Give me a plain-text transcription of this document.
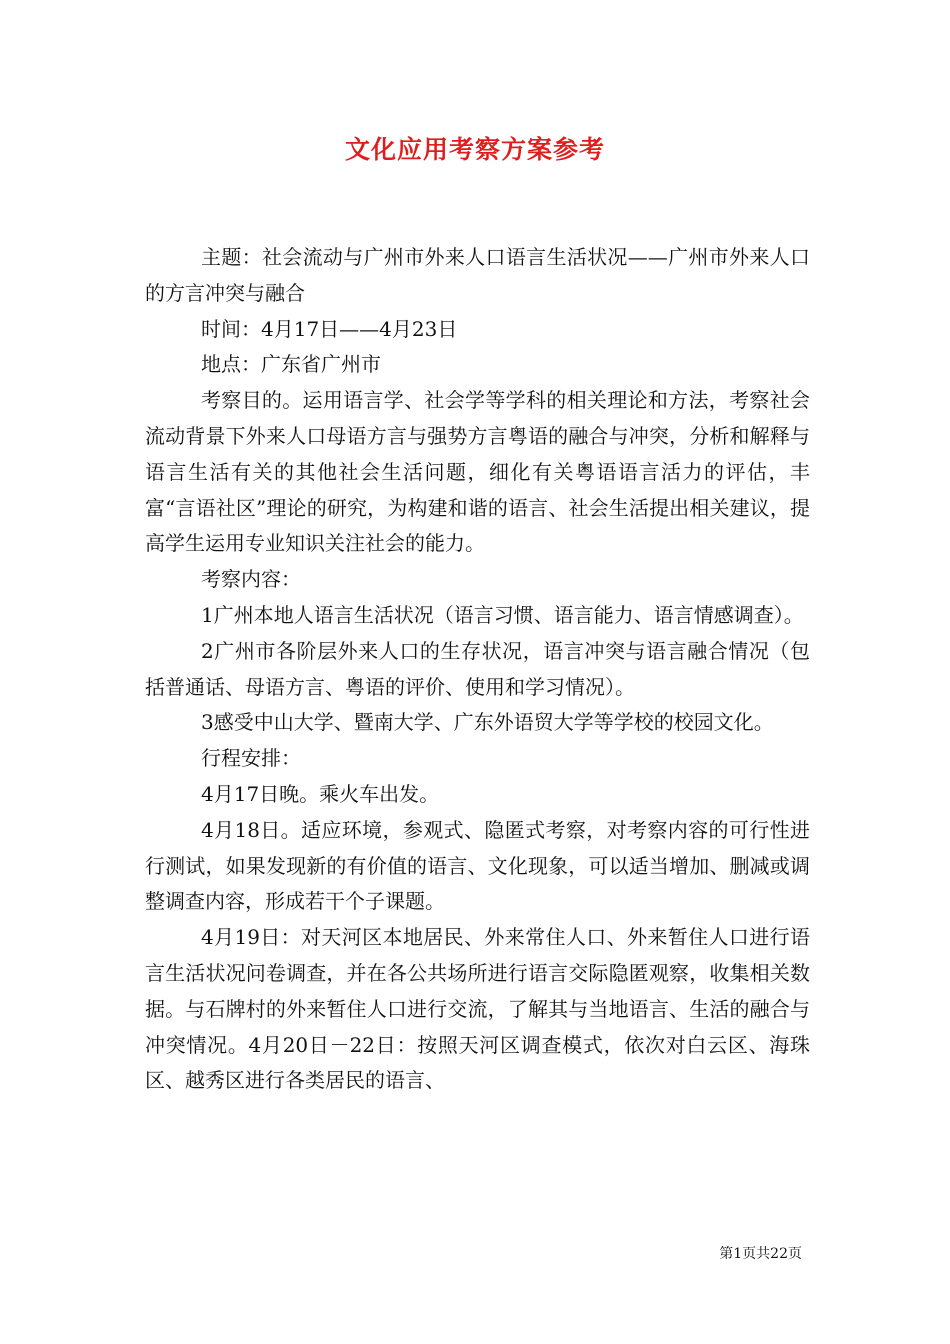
文化应用考察方案参考

主题：社会流动与广州市外来人口语言生活状况——广州市外来人口的方言冲突与融合

时间：4月17日——4月23日

地点：广东省广州市

考察目的。运用语言学、社会学等学科的相关理论和方法，考察社会流动背景下外来人口母语方言与强势方言粤语的融合与冲突，分析和解释与语言生活有关的其他社会生活问题，细化有关粤语语言活力的评估，丰富“言语社区”理论的研究，为构建和谐的语言、社会生活提出相关建议，提高学生运用专业知识关注社会的能力。

考察内容：

1广州本地人语言生活状况（语言习惯、语言能力、语言情感调查）。

2广州市各阶层外来人口的生存状况，语言冲突与语言融合情况（包括普通话、母语方言、粤语的评价、使用和学习情况）。

3感受中山大学、暨南大学、广东外语贸大学等学校的校园文化。

行程安排：

4月17日晚。乘火车出发。

4月18日。适应环境，参观式、隐匿式考察，对考察内容的可行性进行测试，如果发现新的有价值的语言、文化现象，可以适当增加、删减或调整调查内容，形成若干个子课题。

4月19日：对天河区本地居民、外来常住人口、外来暂住人口进行语言生活状况问卷调查，并在各公共场所进行语言交际隐匿观察，收集相关数据。与石牌村的外来暂住人口进行交流，了解其与当地语言、生活的融合与冲突情况。4月20日－22日：按照天河区调查模式，依次对白云区、海珠区、越秀区进行各类居民的语言、

第1页共22页
